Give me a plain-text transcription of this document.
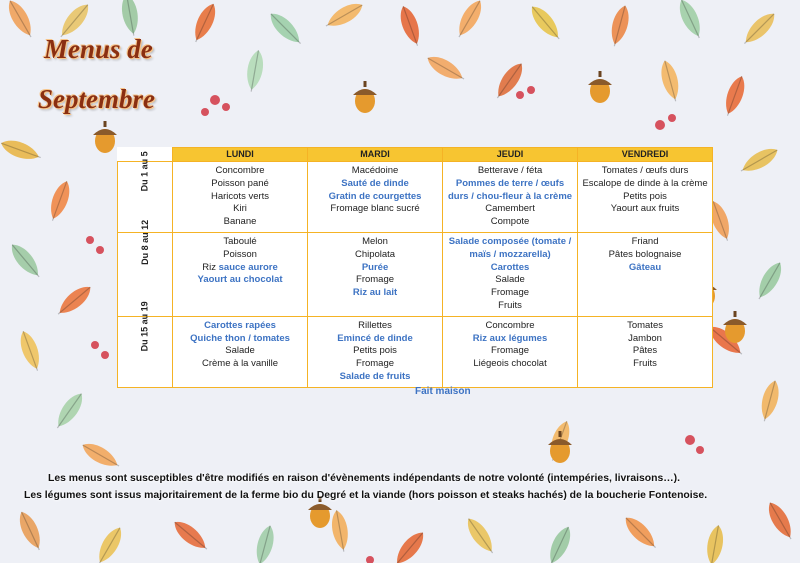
Menus de
Septembre
	LUNDI	MARDI	JEUDI	VENDREDI
Du 1 au 5	Concombre
Poisson pané
Haricots verts
Kiri
Banane	Macédoine
Sauté de dinde
Gratin de courgettes
Fromage blanc sucré	Betterave / féta
Pommes de terre / œufs durs / chou-fleur à la crème
Camembert
Compote	Tomates / œufs durs
Escalope de dinde à la crème
Petits pois
Yaourt aux fruits

Du 8 au 12	Taboulé
Poisson
Riz sauce aurore
Yaourt au chocolat	Melon
Chipolata
Purée
Fromage
Riz au lait	Salade composée (tomate / maïs / mozzarella)
Carottes
Salade
Fromage
Fruits	Friand
Pâtes bolognaise
Gâteau

Du 15 au 19	Carottes rapées
Quiche thon / tomates
Salade
Crème à la vanille	Rillettes
Emincé de dinde
Petits pois
Fromage
Salade de fruits	Concombre
Riz aux légumes
Fromage
Liégeois chocolat	Tomates
Jambon
Pâtes
Fruits
Fait maison
Les menus sont susceptibles d'être modifiés en raison d'évènements indépendants de notre volonté (intempéries, livraisons…).
Les légumes sont issus majoritairement de la ferme bio du Degré et la viande (hors poisson et steaks hachés) de la boucherie Fontenoise.
